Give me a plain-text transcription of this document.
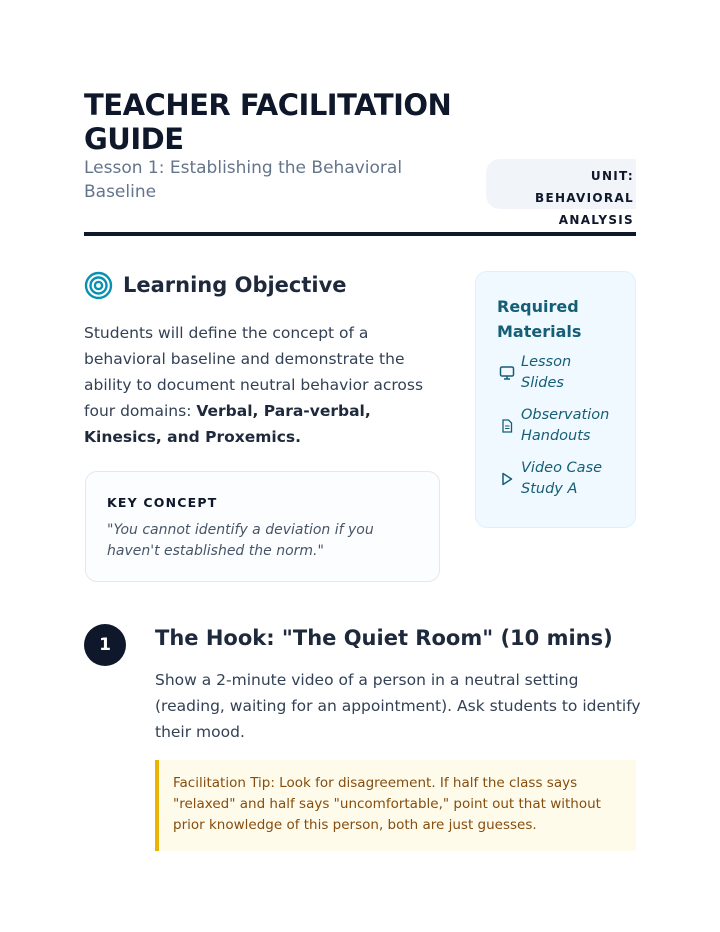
TEACHER FACILITATION GUIDE
Lesson 1: Establishing the Behavioral Baseline
UNIT: BEHAVIORAL ANALYSIS
Learning Objective
Students will define the concept of a behavioral baseline and demonstrate the ability to document neutral behavior across four domains: Verbal, Para-verbal, Kinesics, and Proxemics.
KEY CONCEPT
"You cannot identify a deviation if you haven't established the norm."
Required Materials
Lesson Slides
Observation Handouts
Video Case Study A
1	The Hook: "The Quiet Room" (10 mins)
Show a 2-minute video of a person in a neutral setting (reading, waiting for an appointment). Ask students to identify their mood.
Facilitation Tip: Look for disagreement. If half the class says "relaxed" and half says "uncomfortable," point out that without prior knowledge of this person, both are just guesses.
